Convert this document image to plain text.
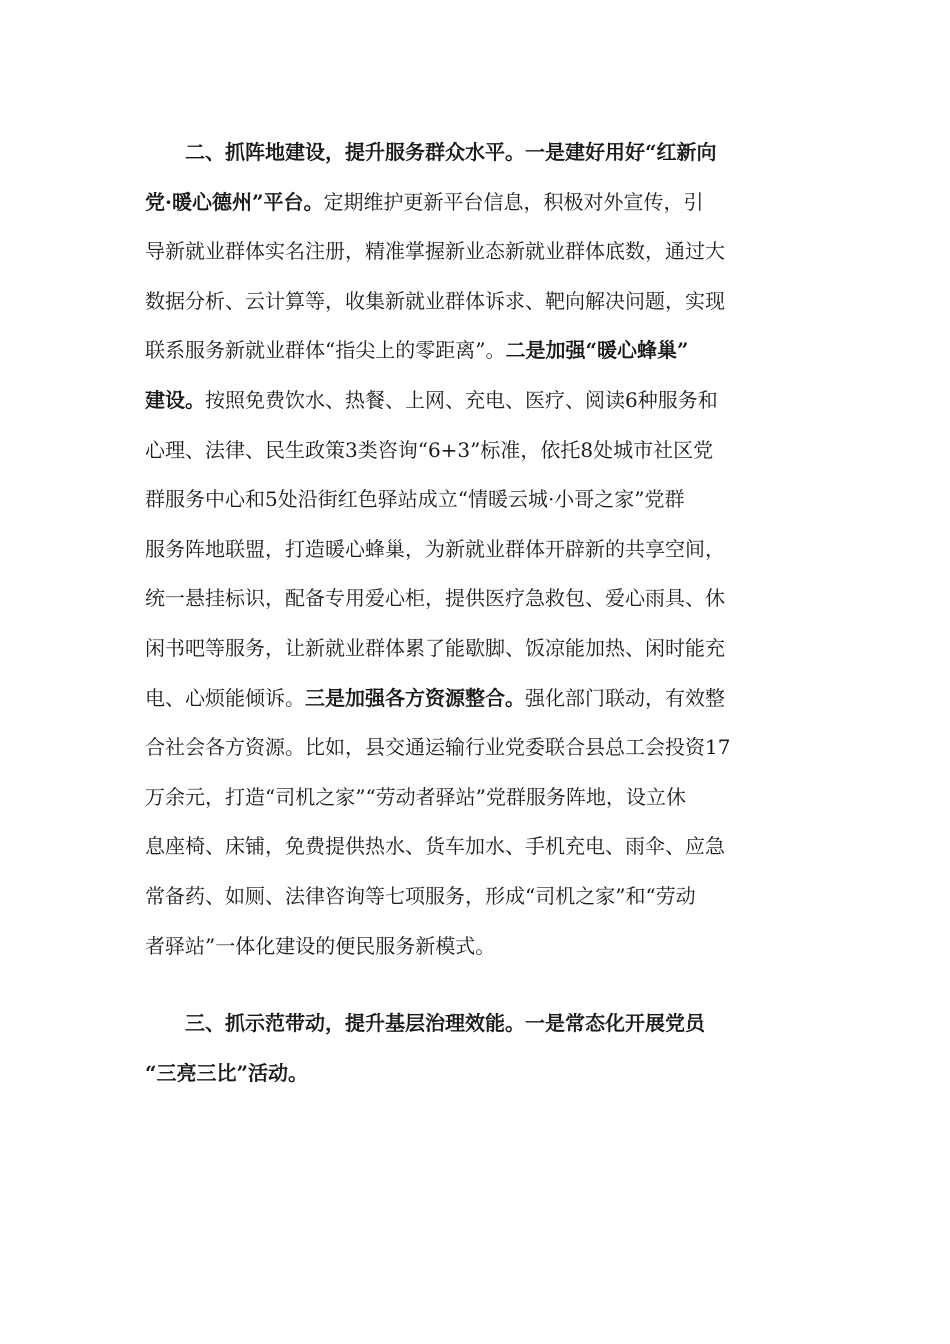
二、抓阵地建设，提升服务群众水平。一是建好用好“红新向
党·暖心德州”平台。定期维护更新平台信息，积极对外宣传，引
导新就业群体实名注册，精准掌握新业态新就业群体底数，通过大
数据分析、云计算等，收集新就业群体诉求、靶向解决问题，实现
联系服务新就业群体“指尖上的零距离”。二是加强“暖心蜂巢”
建设。按照免费饮水、热餐、上网、充电、医疗、阅读6种服务和
心理、法律、民生政策3类咨询“6+3”标准，依托8处城市社区党
群服务中心和5处沿街红色驿站成立“情暖云城·小哥之家”党群
服务阵地联盟，打造暖心蜂巢，为新就业群体开辟新的共享空间，
统一悬挂标识，配备专用爱心柜，提供医疗急救包、爱心雨具、休
闲书吧等服务，让新就业群体累了能歇脚、饭凉能加热、闲时能充
电、心烦能倾诉。三是加强各方资源整合。强化部门联动，有效整
合社会各方资源。比如，县交通运输行业党委联合县总工会投资17
万余元，打造“司机之家”“劳动者驿站”党群服务阵地，设立休
息座椅、床铺，免费提供热水、货车加水、手机充电、雨伞、应急
常备药、如厕、法律咨询等七项服务，形成“司机之家”和“劳动
者驿站”一体化建设的便民服务新模式。
三、抓示范带动，提升基层治理效能。一是常态化开展党员
“三亮三比”活动。
